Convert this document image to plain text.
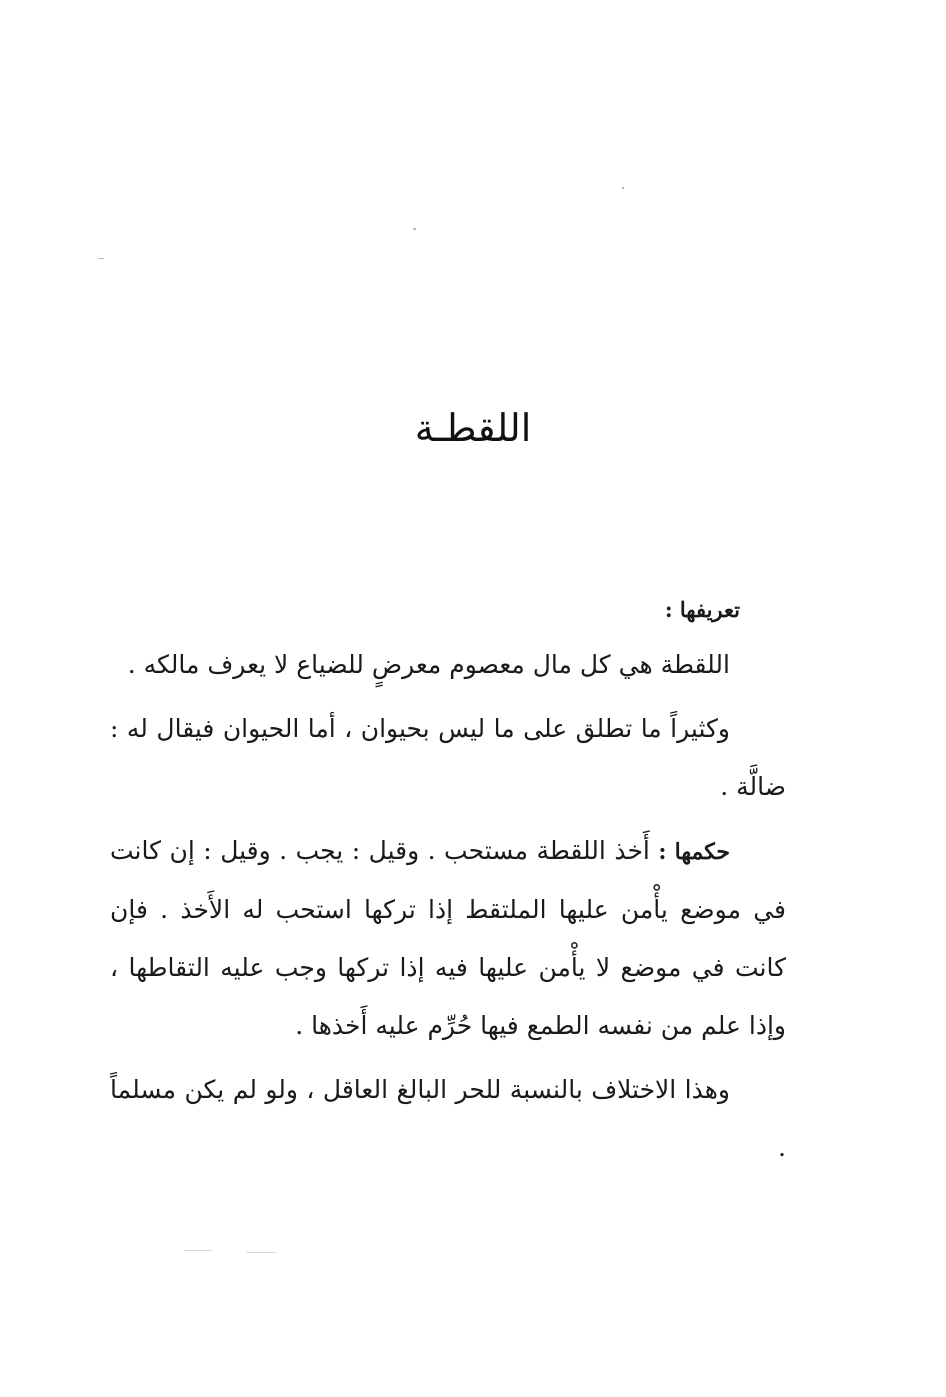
اللقطـة
تعريفها :

اللقطة هي كل مال معصوم معرضٍ للضياع لا يعرف مالكه .

وكثيراً ما تطلق على ما ليس بحيوان ، أما الحيوان فيقال له : ضالَّة .

حكمها : أَخذ اللقطة مستحب . وقيل : يجب . وقيل : إن كانت في موضع يأْمن عليها الملتقط إذا تركها استحب له الأَخذ . فإن كانت في موضع لا يأْمن عليها فيه إذا تركها وجب عليه التقاطها ، وإذا علم من نفسه الطمع فيها حُرِّم عليه أَخذها .

وهذا الاختلاف بالنسبة للحر البالغ العاقل ، ولو لم يكن مسلماً .
